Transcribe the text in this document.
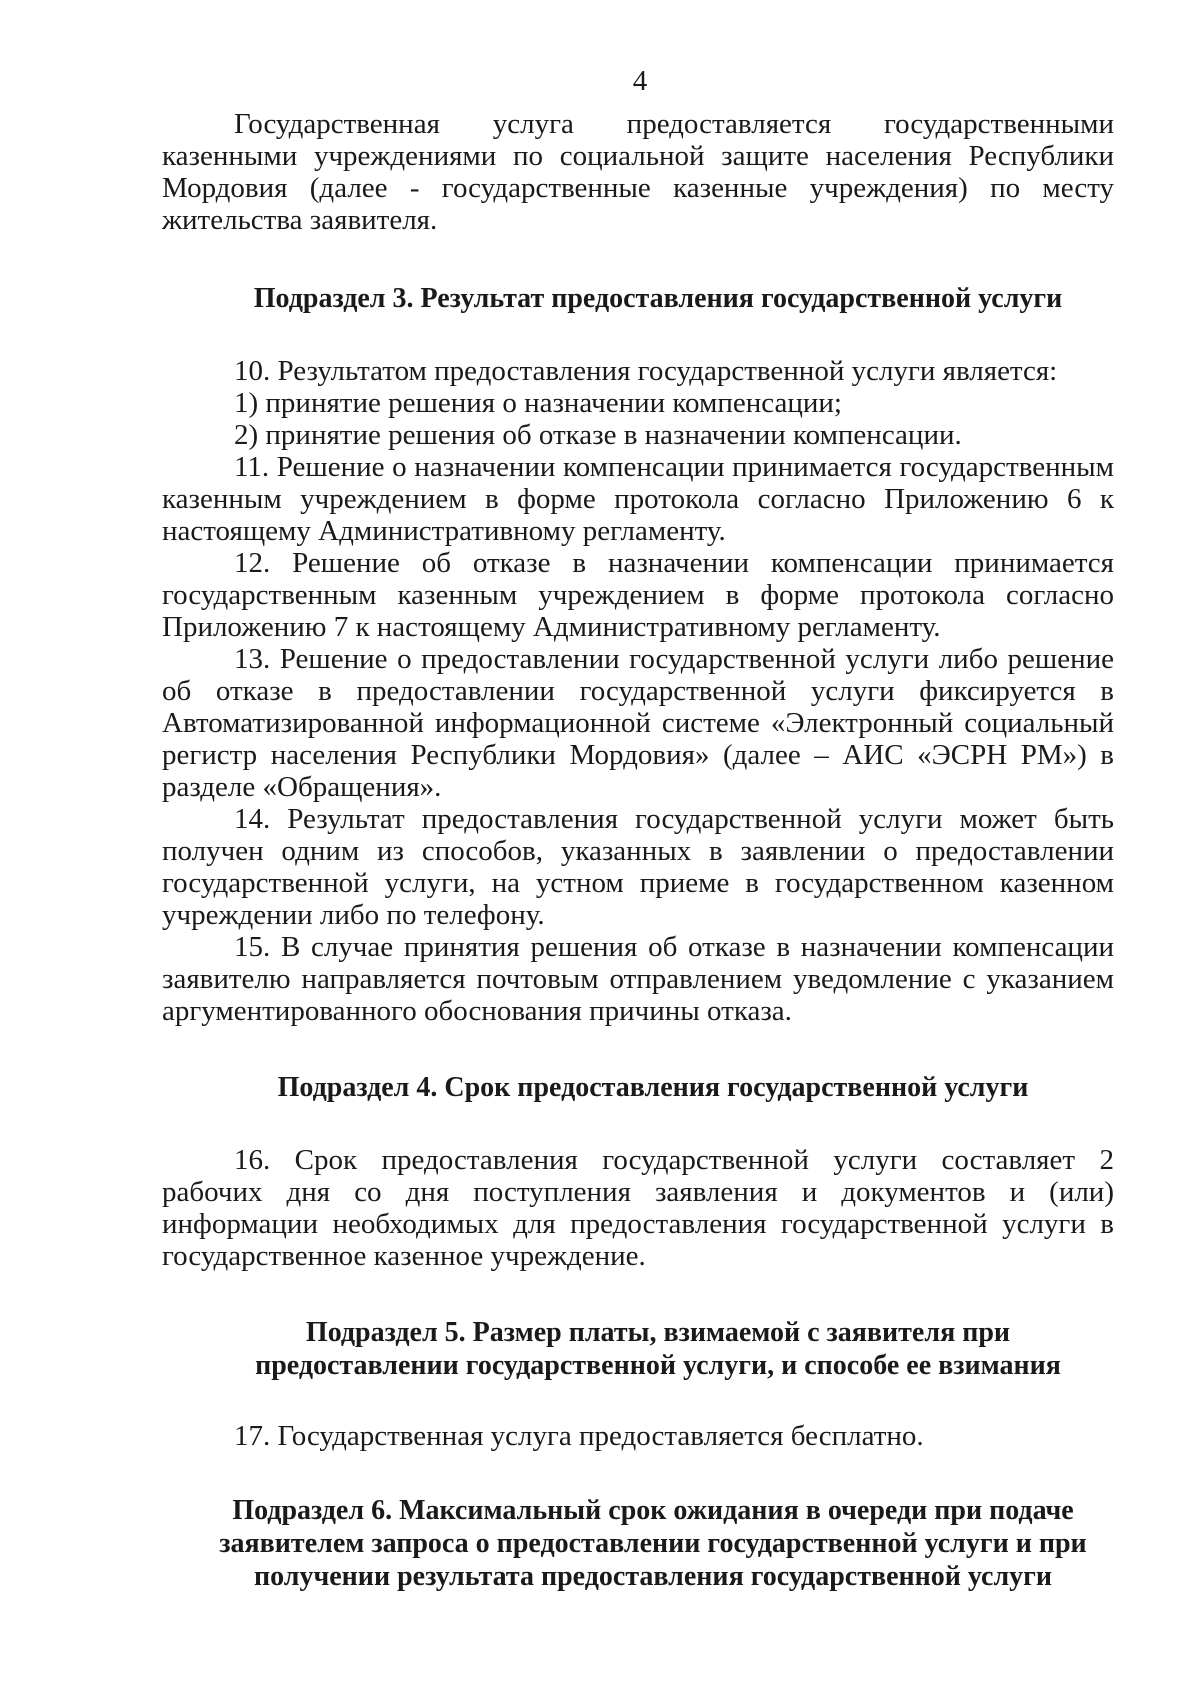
4

Государственная услуга предоставляется государственными казенными учреждениями по социальной защите населения Республики Мордовия (далее - государственные казенные учреждения) по месту жительства заявителя.

Подраздел 3. Результат предоставления государственной услуги

10. Результатом предоставления государственной услуги является:

1) принятие решения о назначении компенсации;

2) принятие решения об отказе в назначении компенсации.

11. Решение о назначении компенсации принимается государственным казенным учреждением в форме протокола согласно Приложению 6 к настоящему Административному регламенту.

12. Решение об отказе в назначении компенсации принимается государственным казенным учреждением в форме протокола согласно Приложению 7 к настоящему Административному регламенту.

13. Решение о предоставлении государственной услуги либо решение об отказе в предоставлении государственной услуги фиксируется в Автоматизированной информационной системе «Электронный социальный регистр населения Республики Мордовия» (далее – АИС «ЭСРН РМ») в разделе «Обращения».

14. Результат предоставления государственной услуги может быть получен одним из способов, указанных в заявлении о предоставлении государственной услуги, на устном приеме в государственном казенном учреждении либо по телефону.

15. В случае принятия решения об отказе в назначении компенсации заявителю направляется почтовым отправлением уведомление с указанием аргументированного обоснования причины отказа.

Подраздел 4. Срок предоставления государственной услуги

16. Срок предоставления государственной услуги составляет 2 рабочих дня со дня поступления заявления и документов и (или) информации необходимых для предоставления государственной услуги в государственное казенное учреждение.

Подраздел 5. Размер платы, взимаемой с заявителя при
предоставлении государственной услуги, и способе ее взимания

17. Государственная услуга предоставляется бесплатно.

Подраздел 6. Максимальный срок ожидания в очереди при подаче
заявителем запроса о предоставлении государственной услуги и при
получении результата предоставления государственной услуги
